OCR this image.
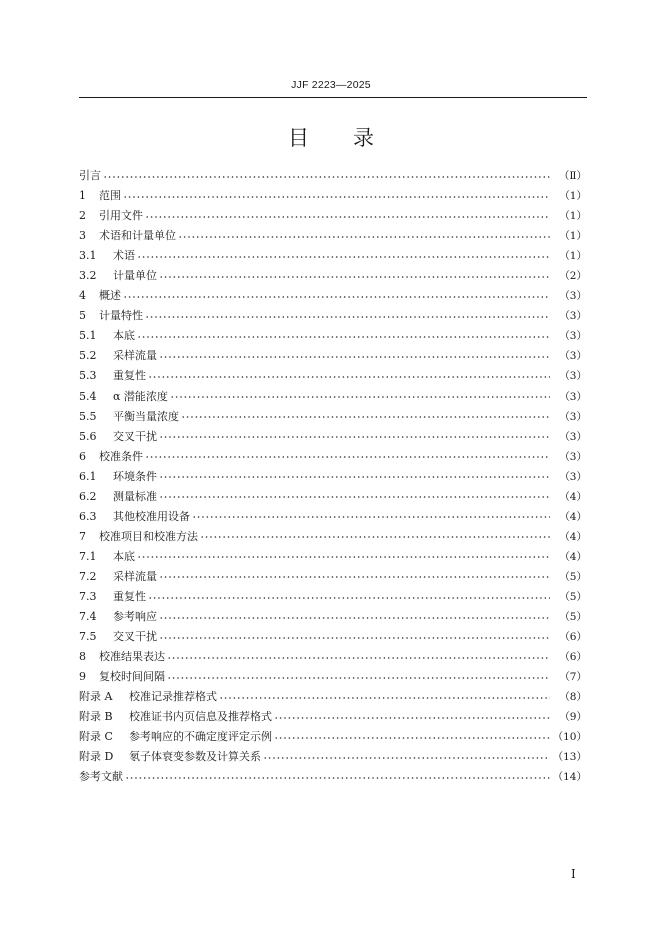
JJF 2223—2025
目 录
引言	（Ⅱ）
1	范围	（1）
2	引用文件	（1）
3	术语和计量单位	（1）
3.1	术语	（1）
3.2	计量单位	（2）
4	概述	（3）
5	计量特性	（3）
5.1	本底	（3）
5.2	采样流量	（3）
5.3	重复性	（3）
5.4	α 潜能浓度	（3）
5.5	平衡当量浓度	（3）
5.6	交叉干扰	（3）
6	校准条件	（3）
6.1	环境条件	（3）
6.2	测量标准	（4）
6.3	其他校准用设备	（4）
7	校准项目和校准方法	（4）
7.1	本底	（4）
7.2	采样流量	（5）
7.3	重复性	（5）
7.4	参考响应	（5）
7.5	交叉干扰	（6）
8	校准结果表达	（6）
9	复校时间间隔	（7）
附录 A	校准记录推荐格式	（8）
附录 B	校准证书内页信息及推荐格式	（9）
附录 C	参考响应的不确定度评定示例	（10）
附录 D	氡子体衰变参数及计算关系	（13）
参考文献	（14）
Ⅰ
